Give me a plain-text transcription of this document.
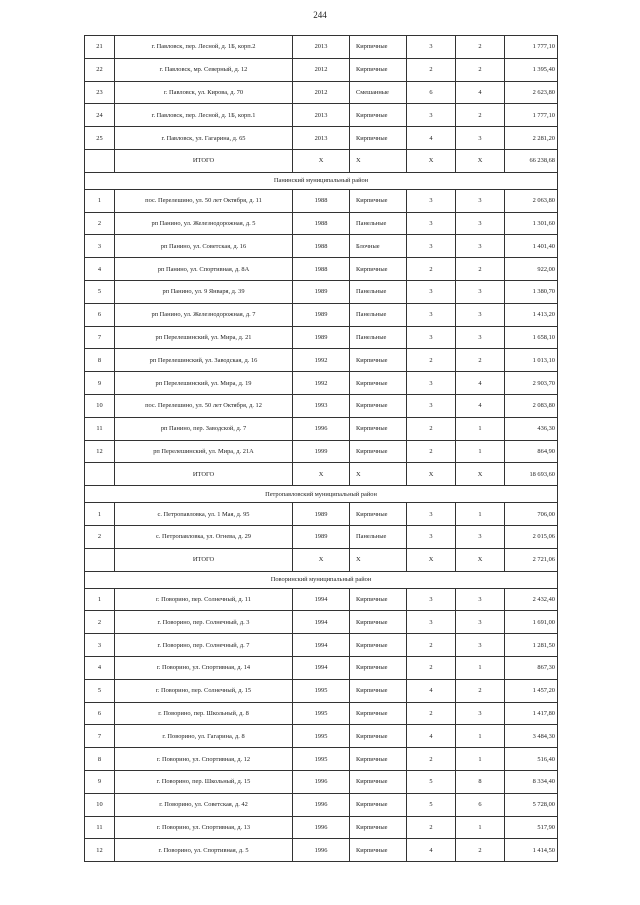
244
21	г. Павловск, пер. Лесной, д. 1Б, корп.2	2013	Кирпичные	3	2	1 777,10
22	г. Павловск, мр. Северный, д. 12	2012	Кирпичные	2	2	1 395,40
23	г. Павловск, ул. Кирова, д. 70	2012	Смешанные	6	4	2 623,80
24	г. Павловск, пер. Лесной, д. 1Б, корп.1	2013	Кирпичные	3	2	1 777,10
25	г. Павловск, ул. Гагарина, д. 65	2013	Кирпичные	4	3	2 281,20
	ИТОГО	X	X	X	X	66 238,68
Панинский муниципальный район						
1	пос. Перелешино, ул. 50 лет Октября, д. 11	1988	Кирпичные	3	3	2 063,80
2	рп Панино, ул. Железнодорожная, д. 5	1988	Панельные	3	3	1 301,60
3	рп Панино, ул. Советская, д. 16	1988	Блочные	3	3	1 401,40
4	рп Панино, ул. Спортивная, д. 8А	1988	Кирпичные	2	2	922,00
5	рп Панино, ул. 9 Января, д. 39	1989	Панельные	3	3	1 380,70
6	рп Панино, ул. Железнодорожная, д. 7	1989	Панельные	3	3	1 413,20
7	рп Перелешинский, ул. Мира, д. 21	1989	Панельные	3	3	1 658,10
8	рп Перелешинский, ул. Заводская, д. 16	1992	Кирпичные	2	2	1 013,10
9	рп Перелешинский, ул. Мира, д. 19	1992	Кирпичные	3	4	2 903,70
10	пос. Перелешино, ул. 50 лет Октября, д. 12	1993	Кирпичные	3	4	2 083,80
11	рп Панино, пер. Заводской, д. 7	1996	Кирпичные	2	1	436,30
12	рп Перелешинский, ул. Мира, д. 21А	1999	Кирпичные	2	1	864,90
	ИТОГО	X	X	X	X	18 693,60
Петропавловский муниципальный район						
1	с. Петропавловка, ул. 1 Мая, д. 95	1989	Кирпичные	3	1	706,00
2	с. Петропавловка, ул. Огнева, д. 29	1989	Панельные	3	3	2 015,06
	ИТОГО	X	X	X	X	2 721,06
Поворинский муниципальный район						
1	г. Поворино, пер. Солнечный, д. 11	1994	Кирпичные	3	3	2 432,40
2	г. Поворино, пер. Солнечный, д. 3	1994	Кирпичные	3	3	1 691,00
3	г. Поворино, пер. Солнечный, д. 7	1994	Кирпичные	2	3	1 281,50
4	г. Поворино, ул. Спортивная, д. 14	1994	Кирпичные	2	1	867,30
5	г. Поворино, пер. Солнечный, д. 15	1995	Кирпичные	4	2	1 457,20
6	г. Поворино, пер. Школьный, д. 8	1995	Кирпичные	2	3	1 417,80
7	г. Поворино, ул. Гагарина, д. 8	1995	Кирпичные	4	1	3 484,30
8	г. Поворино, ул. Спортивная, д. 12	1995	Кирпичные	2	1	516,40
9	г. Поворино, пер. Школьный, д. 15	1996	Кирпичные	5	8	8 334,40
10	г. Поворино, ул. Советская, д. 42	1996	Кирпичные	5	6	5 728,00
11	г. Поворино, ул. Спортивная, д. 13	1996	Кирпичные	2	1	517,90
12	г. Поворино, ул. Спортивная, д. 5	1996	Кирпичные	4	2	1 414,50
